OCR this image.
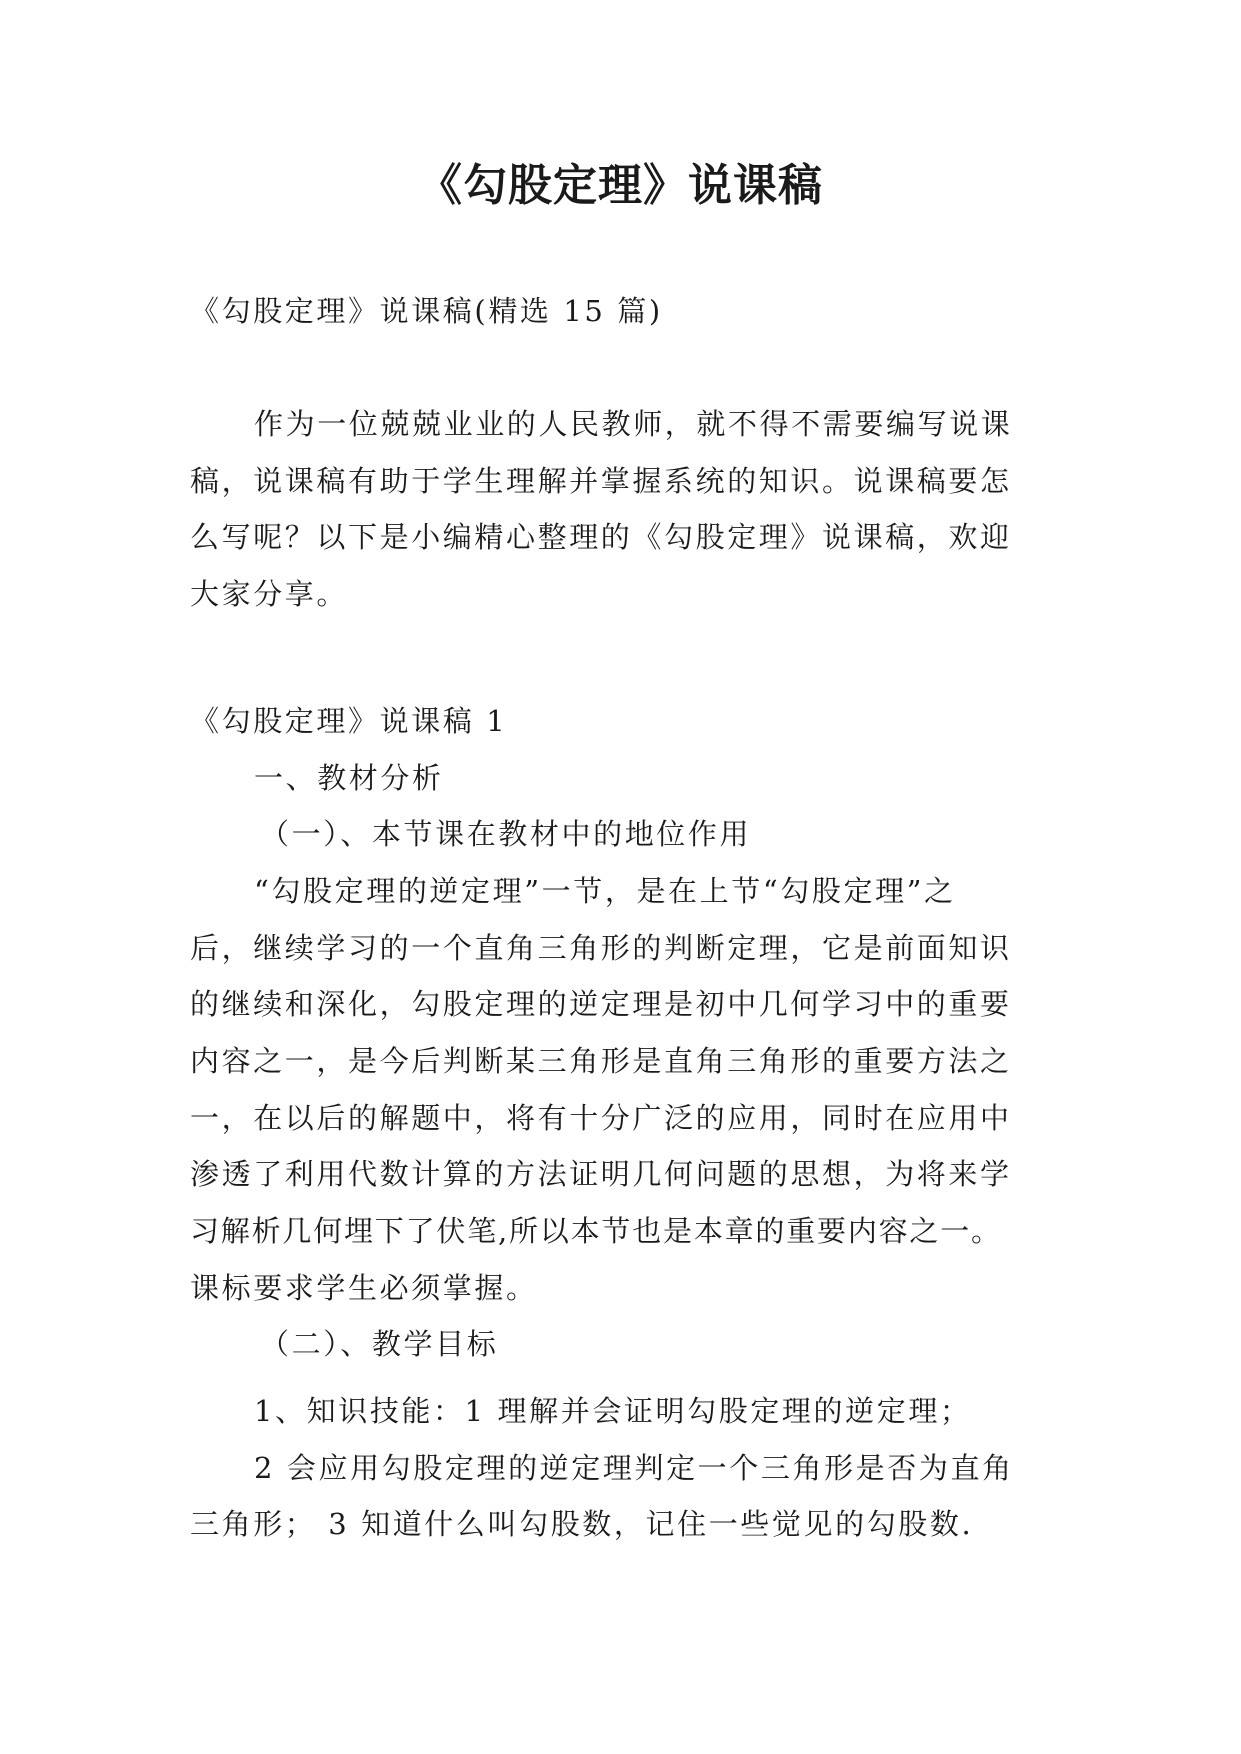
《勾股定理》说课稿

《勾股定理》说课稿(精选 15 篇)

作为一位兢兢业业的人民教师，就不得不需要编写说课

稿，说课稿有助于学生理解并掌握系统的知识。说课稿要怎

么写呢？以下是小编精心整理的《勾股定理》说课稿，欢迎

大家分享。

《勾股定理》说课稿 1

一、教材分析

（一）、本节课在教材中的地位作用

“勾股定理的逆定理”一节，是在上节“勾股定理”之

后，继续学习的一个直角三角形的判断定理，它是前面知识

的继续和深化，勾股定理的逆定理是初中几何学习中的重要

内容之一，是今后判断某三角形是直角三角形的重要方法之

一，在以后的解题中，将有十分广泛的应用，同时在应用中

渗透了利用代数计算的方法证明几何问题的思想，为将来学

习解析几何埋下了伏笔,所以本节也是本章的重要内容之一。

课标要求学生必须掌握。

（二）、教学目标

1、知识技能：1 理解并会证明勾股定理的逆定理；

2 会应用勾股定理的逆定理判定一个三角形是否为直角

三角形； 3 知道什么叫勾股数，记住一些觉见的勾股数.
